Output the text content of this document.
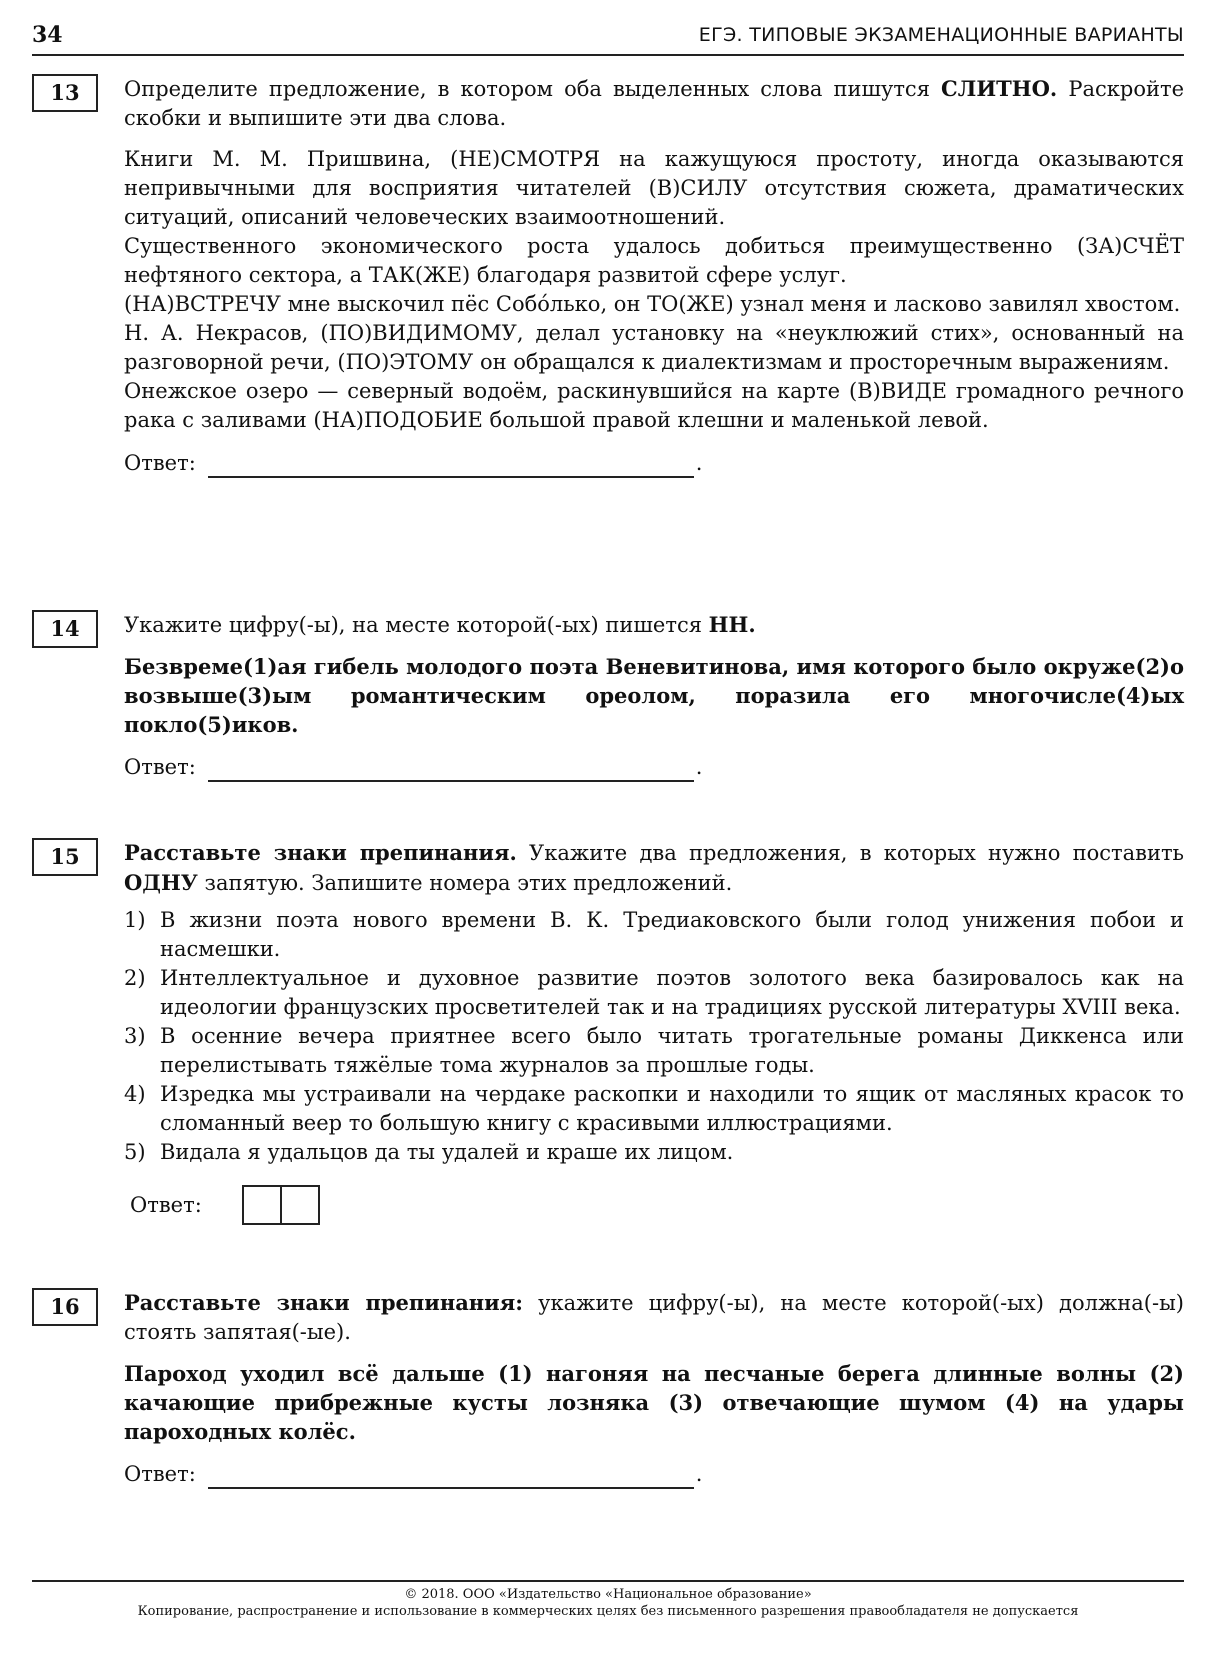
34	ЕГЭ. ТИПОВЫЕ ЭКЗАМЕНАЦИОННЫЕ ВАРИАНТЫ
13	Определите предложение, в котором оба выделенных слова пишутся СЛИТНО. Раскройте скобки и выпишите эти два слова.

Книги М. М. Пришвина, (НЕ)СМОТРЯ на кажущуюся простоту, иногда оказываются непривычными для восприятия читателей (В)СИЛУ отсутствия сюжета, драматических ситуаций, описаний человеческих взаимоотношений.

Существенного экономического роста удалось добиться преимущественно (ЗА)СЧЁТ нефтяного сектора, а ТАК(ЖЕ) благодаря развитой сфере услуг.

(НА)ВСТРЕЧУ мне выскочил пёс Собóлько, он ТО(ЖЕ) узнал меня и ласково завилял хвостом.

Н. А. Некрасов, (ПО)ВИДИМОМУ, делал установку на «неуклюжий стих», основанный на разговорной речи, (ПО)ЭТОМУ он обращался к диалектизмам и просторечным выражениям.

Онежское озеро — северный водоём, раскинувшийся на карте (В)ВИДЕ громадного речного рака с заливами (НА)ПОДОБИЕ большой правой клешни и маленькой левой.

Ответ:	.
14	Укажите цифру(-ы), на месте которой(-ых) пишется НН.

Безвреме(1)ая гибель молодого поэта Веневитинова, имя которого было окруже(2)о возвыше(3)ым романтическим ореолом, поразила его многочисле(4)ых покло(5)иков.

Ответ:	.
15	Расставьте знаки препинания. Укажите два предложения, в которых нужно поставить ОДНУ запятую. Запишите номера этих предложений.

1) В жизни поэта нового времени В. К. Тредиаковского были голод унижения побои и насмешки.
2) Интеллектуальное и духовное развитие поэтов золотого века базировалось как на идеологии французских просветителей так и на традициях русской литературы XVIII века.
3) В осенние вечера приятнее всего было читать трогательные романы Диккенса или перелистывать тяжёлые тома журналов за прошлые годы.
4) Изредка мы устраивали на чердаке раскопки и находили то ящик от масляных красок то сломанный веер то большую книгу с красивыми иллюстрациями.
5) Видала я удальцов да ты удалей и краше их лицом.
Ответ:
16	Расставьте знаки препинания: укажите цифру(-ы), на месте которой(-ых) должна(-ы) стоять запятая(-ые).

Пароход уходил всё дальше (1) нагоняя на песчаные берега длинные волны (2) качающие прибрежные кусты лозняка (3) отвечающие шумом (4) на удары пароходных колёс.

Ответ:	.
© 2018. ООО «Издательство «Национальное образование»
Копирование, распространение и использование в коммерческих целях без письменного разрешения правообладателя не допускается
